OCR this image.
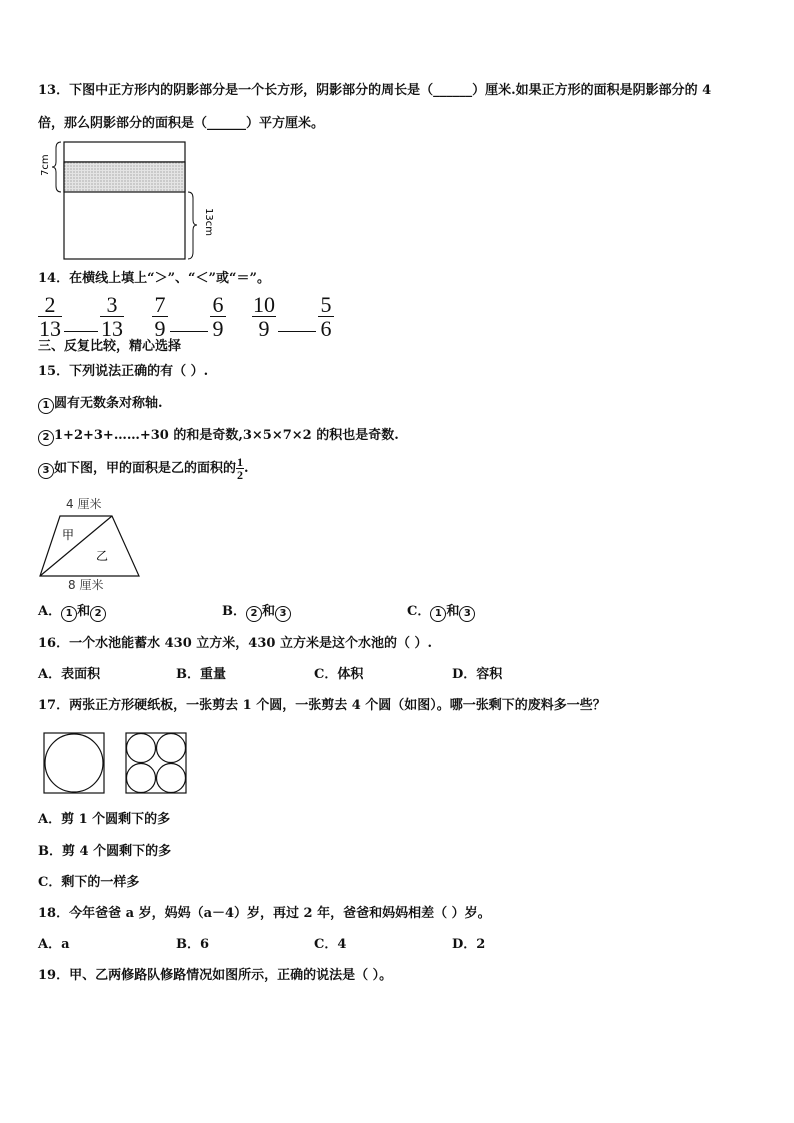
13．下图中正方形内的阴影部分是一个长方形，阴影部分的周长是（______）厘米.如果正方形的面积是阴影部分的 4
倍，那么阴影部分的面积是（______）平方厘米。
7cm
13cm
14．在横线上填上“＞”、“＜”或“＝”。
2
13
3
13
7
9
6
9
10
9
5
6
三、反复比较，精心选择
15．下列说法正确的有（ ）.
1 圆有无数条对称轴.
2 1+2+3+……+30 的和是奇数,3×5×7×2 的积也是奇数.
3 如下图，甲的面积是乙的面积的 $\frac{1}{2}$ .
4 厘米
甲
乙
8 厘米
A． 1 和 2	B． 2 和 3	C． 1 和 3
16．一个水池能蓄水 430 立方米，430 立方米是这个水池的（ ）.
A．表面积	B．重量	C．体积	D．容积
17．两张正方形硬纸板，一张剪去 1 个圆，一张剪去 4 个圆（如图）。哪一张剩下的废料多一些？
A．剪 1 个圆剩下的多
B．剪 4 个圆剩下的多
C．剩下的一样多
18．今年爸爸 a 岁，妈妈（a－4）岁，再过 2 年，爸爸和妈妈相差（ ）岁。
A．a	B．6	C．4	D．2
19．甲、乙两修路队修路情况如图所示，正确的说法是（ ）。
